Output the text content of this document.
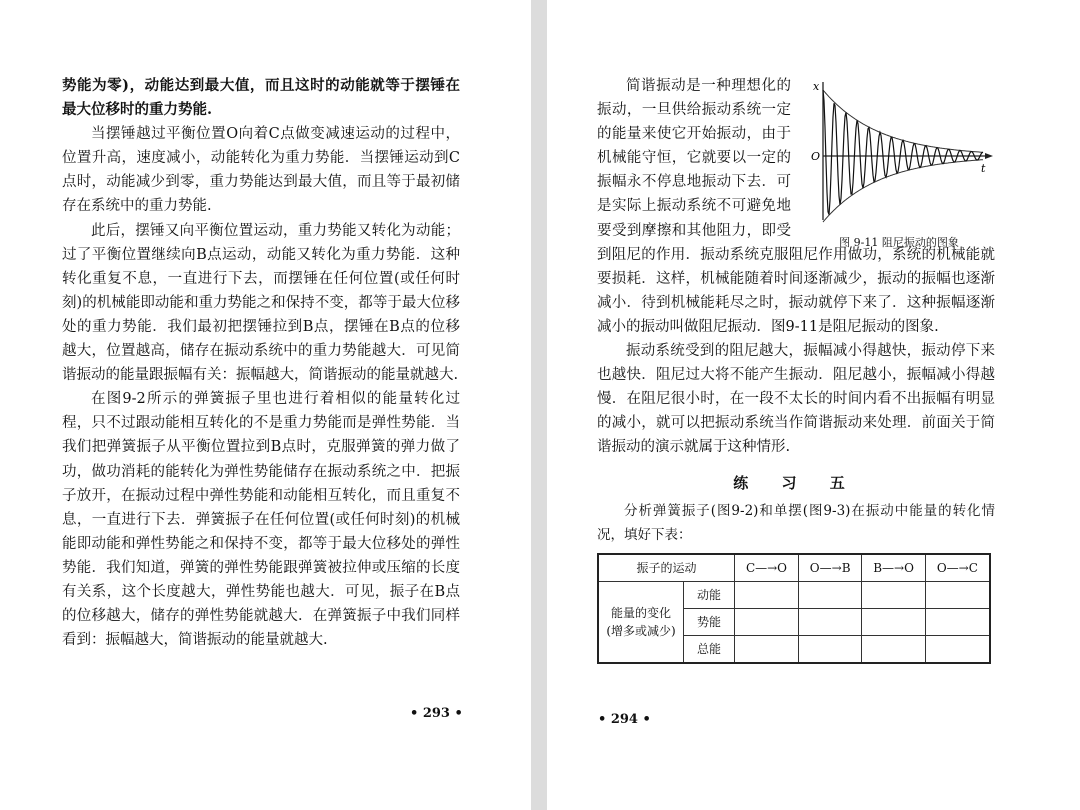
势能为零)，动能达到最大值，而且这时的动能就等于摆锤在最大位移时的重力势能.

当摆锤越过平衡位置O向着C点做变减速运动的过程中，位置升高，速度减小，动能转化为重力势能．当摆锤运动到C点时，动能减少到零，重力势能达到最大值，而且等于最初储存在系统中的重力势能.

此后，摆锤又向平衡位置运动，重力势能又转化为动能；过了平衡位置继续向B点运动，动能又转化为重力势能．这种转化重复不息，一直进行下去，而摆锤在任何位置(或任何时刻)的机械能即动能和重力势能之和保持不变，都等于最大位移处的重力势能．我们最初把摆锤拉到B点，摆锤在B点的位移越大，位置越高，储存在振动系统中的重力势能越大．可见简谐振动的能量跟振幅有关：振幅越大，简谐振动的能量就越大.

在图9-2所示的弹簧振子里也进行着相似的能量转化过程，只不过跟动能相互转化的不是重力势能而是弹性势能．当我们把弹簧振子从平衡位置拉到B点时，克服弹簧的弹力做了功，做功消耗的能转化为弹性势能储存在振动系统之中．把振子放开，在振动过程中弹性势能和动能相互转化，而且重复不息，一直进行下去．弹簧振子在任何位置(或任何时刻)的机械能即动能和弹性势能之和保持不变，都等于最大位移处的弹性势能．我们知道，弹簧的弹性势能跟弹簧被拉伸或压缩的长度有关系，这个长度越大，弹性势能也越大．可见，振子在B点的位移越大，储存的弹性势能就越大．在弹簧振子中我们同样看到：振幅越大，简谐振动的能量就越大.

• 293 •
x
O
t
图 9-11 阻尼振动的图象

简谐振动是一种理想化的振动，一旦供给振动系统一定的能量来使它开始振动，由于机械能守恒，它就要以一定的振幅永不停息地振动下去．可是实际上振动系统不可避免地要受到摩擦和其他阻力，即受到阻尼的作用．振动系统克服阻尼作用做功，系统的机械能就要损耗．这样，机械能随着时间逐渐减少，振动的振幅也逐渐减小．待到机械能耗尽之时，振动就停下来了．这种振幅逐渐减小的振动叫做阻尼振动．图9-11是阻尼振动的图象.

振动系统受到的阻尼越大，振幅减小得越快，振动停下来也越快．阻尼过大将不能产生振动．阻尼越小，振幅减小得越慢．在阻尼很小时，在一段不太长的时间内看不出振幅有明显的减小，就可以把振动系统当作简谐振动来处理．前面关于简谐振动的演示就属于这种情形.

练 习 五

分析弹簧振子(图9-2)和单摆(图9-3)在振动中能量的转化情况，填好下表：

振子的运动		C—→O	O—→B	B—→O	O—→C
能量的变化
(增多或减少)	动能				
	势能				
	总能				
• 294 •
